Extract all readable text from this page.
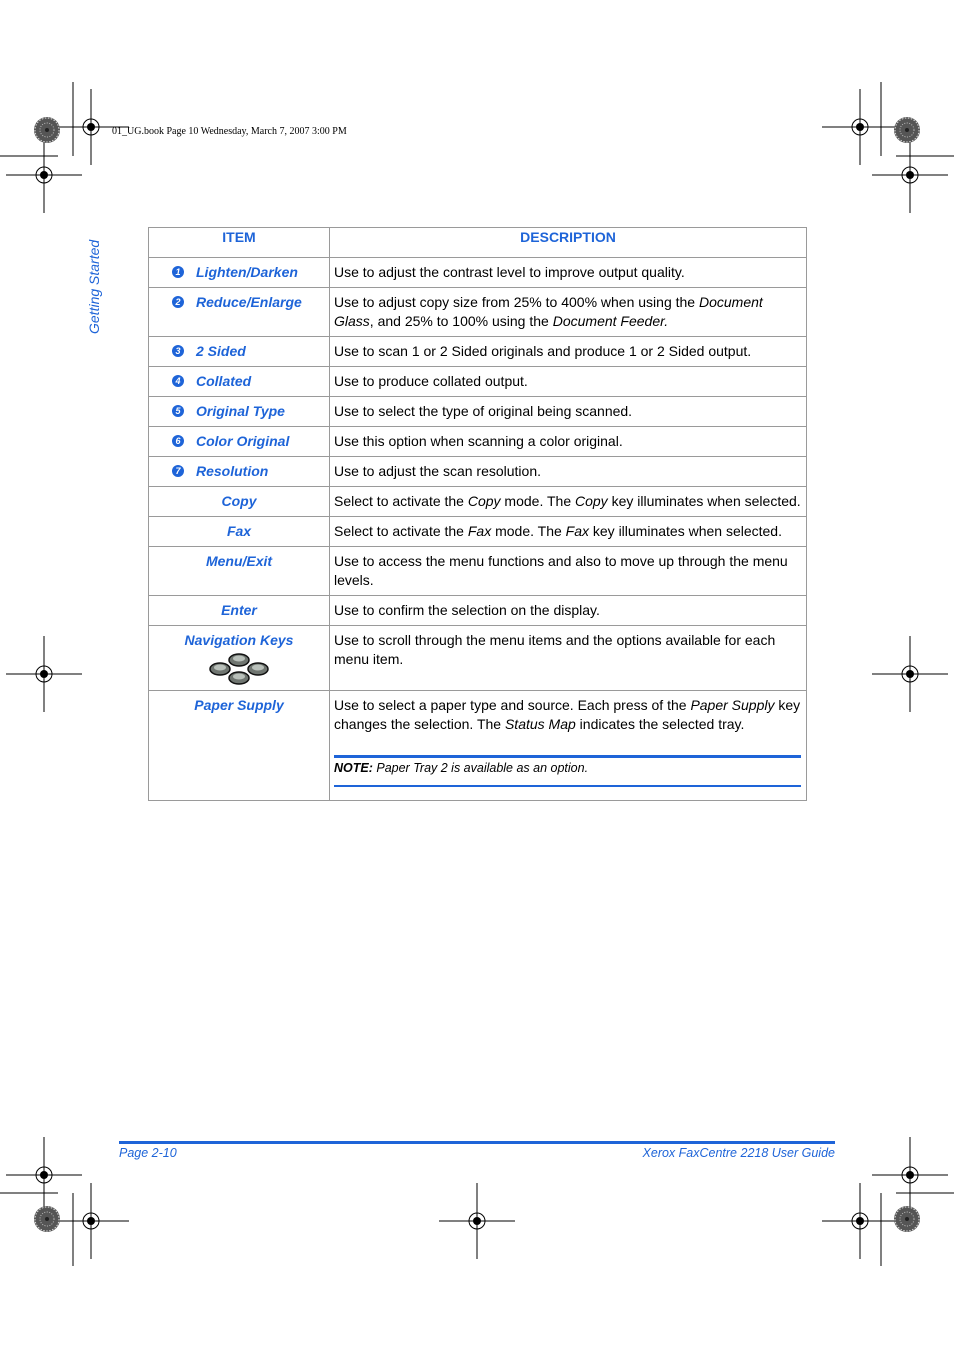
01_UG.book Page 10 Wednesday, March 7, 2007 3:00 PM
Getting Started
ITEM	DESCRIPTION

1 Lighten/Darken	Use to adjust the contrast level to improve output quality.

2 Reduce/Enlarge	Use to adjust copy size from 25% to 400% when using the Document Glass, and 25% to 100% using the Document Feeder.

3 2 Sided	Use to scan 1 or 2 Sided originals and produce 1 or 2 Sided output.

4 Collated	Use to produce collated output.

5 Original Type	Use to select the type of original being scanned.

6 Color Original	Use this option when scanning a color original.

7 Resolution	Use to adjust the scan resolution.

Copy	Select to activate the Copy mode. The Copy key illuminates when selected.

Fax	Select to activate the Fax mode. The Fax key illuminates when selected.

Menu/Exit	Use to access the menu functions and also to move up through the menu levels.

Enter	Use to confirm the selection on the display.

Navigation Keys	Use to scroll through the menu items and the options available for each menu item.

Paper Supply	Use to select a paper type and source. Each press of the Paper Supply key changes the selection. The Status Map indicates the selected tray.
NOTE: Paper Tray 2 is available as an option.
Page 2-10	Xerox FaxCentre 2218 User Guide
